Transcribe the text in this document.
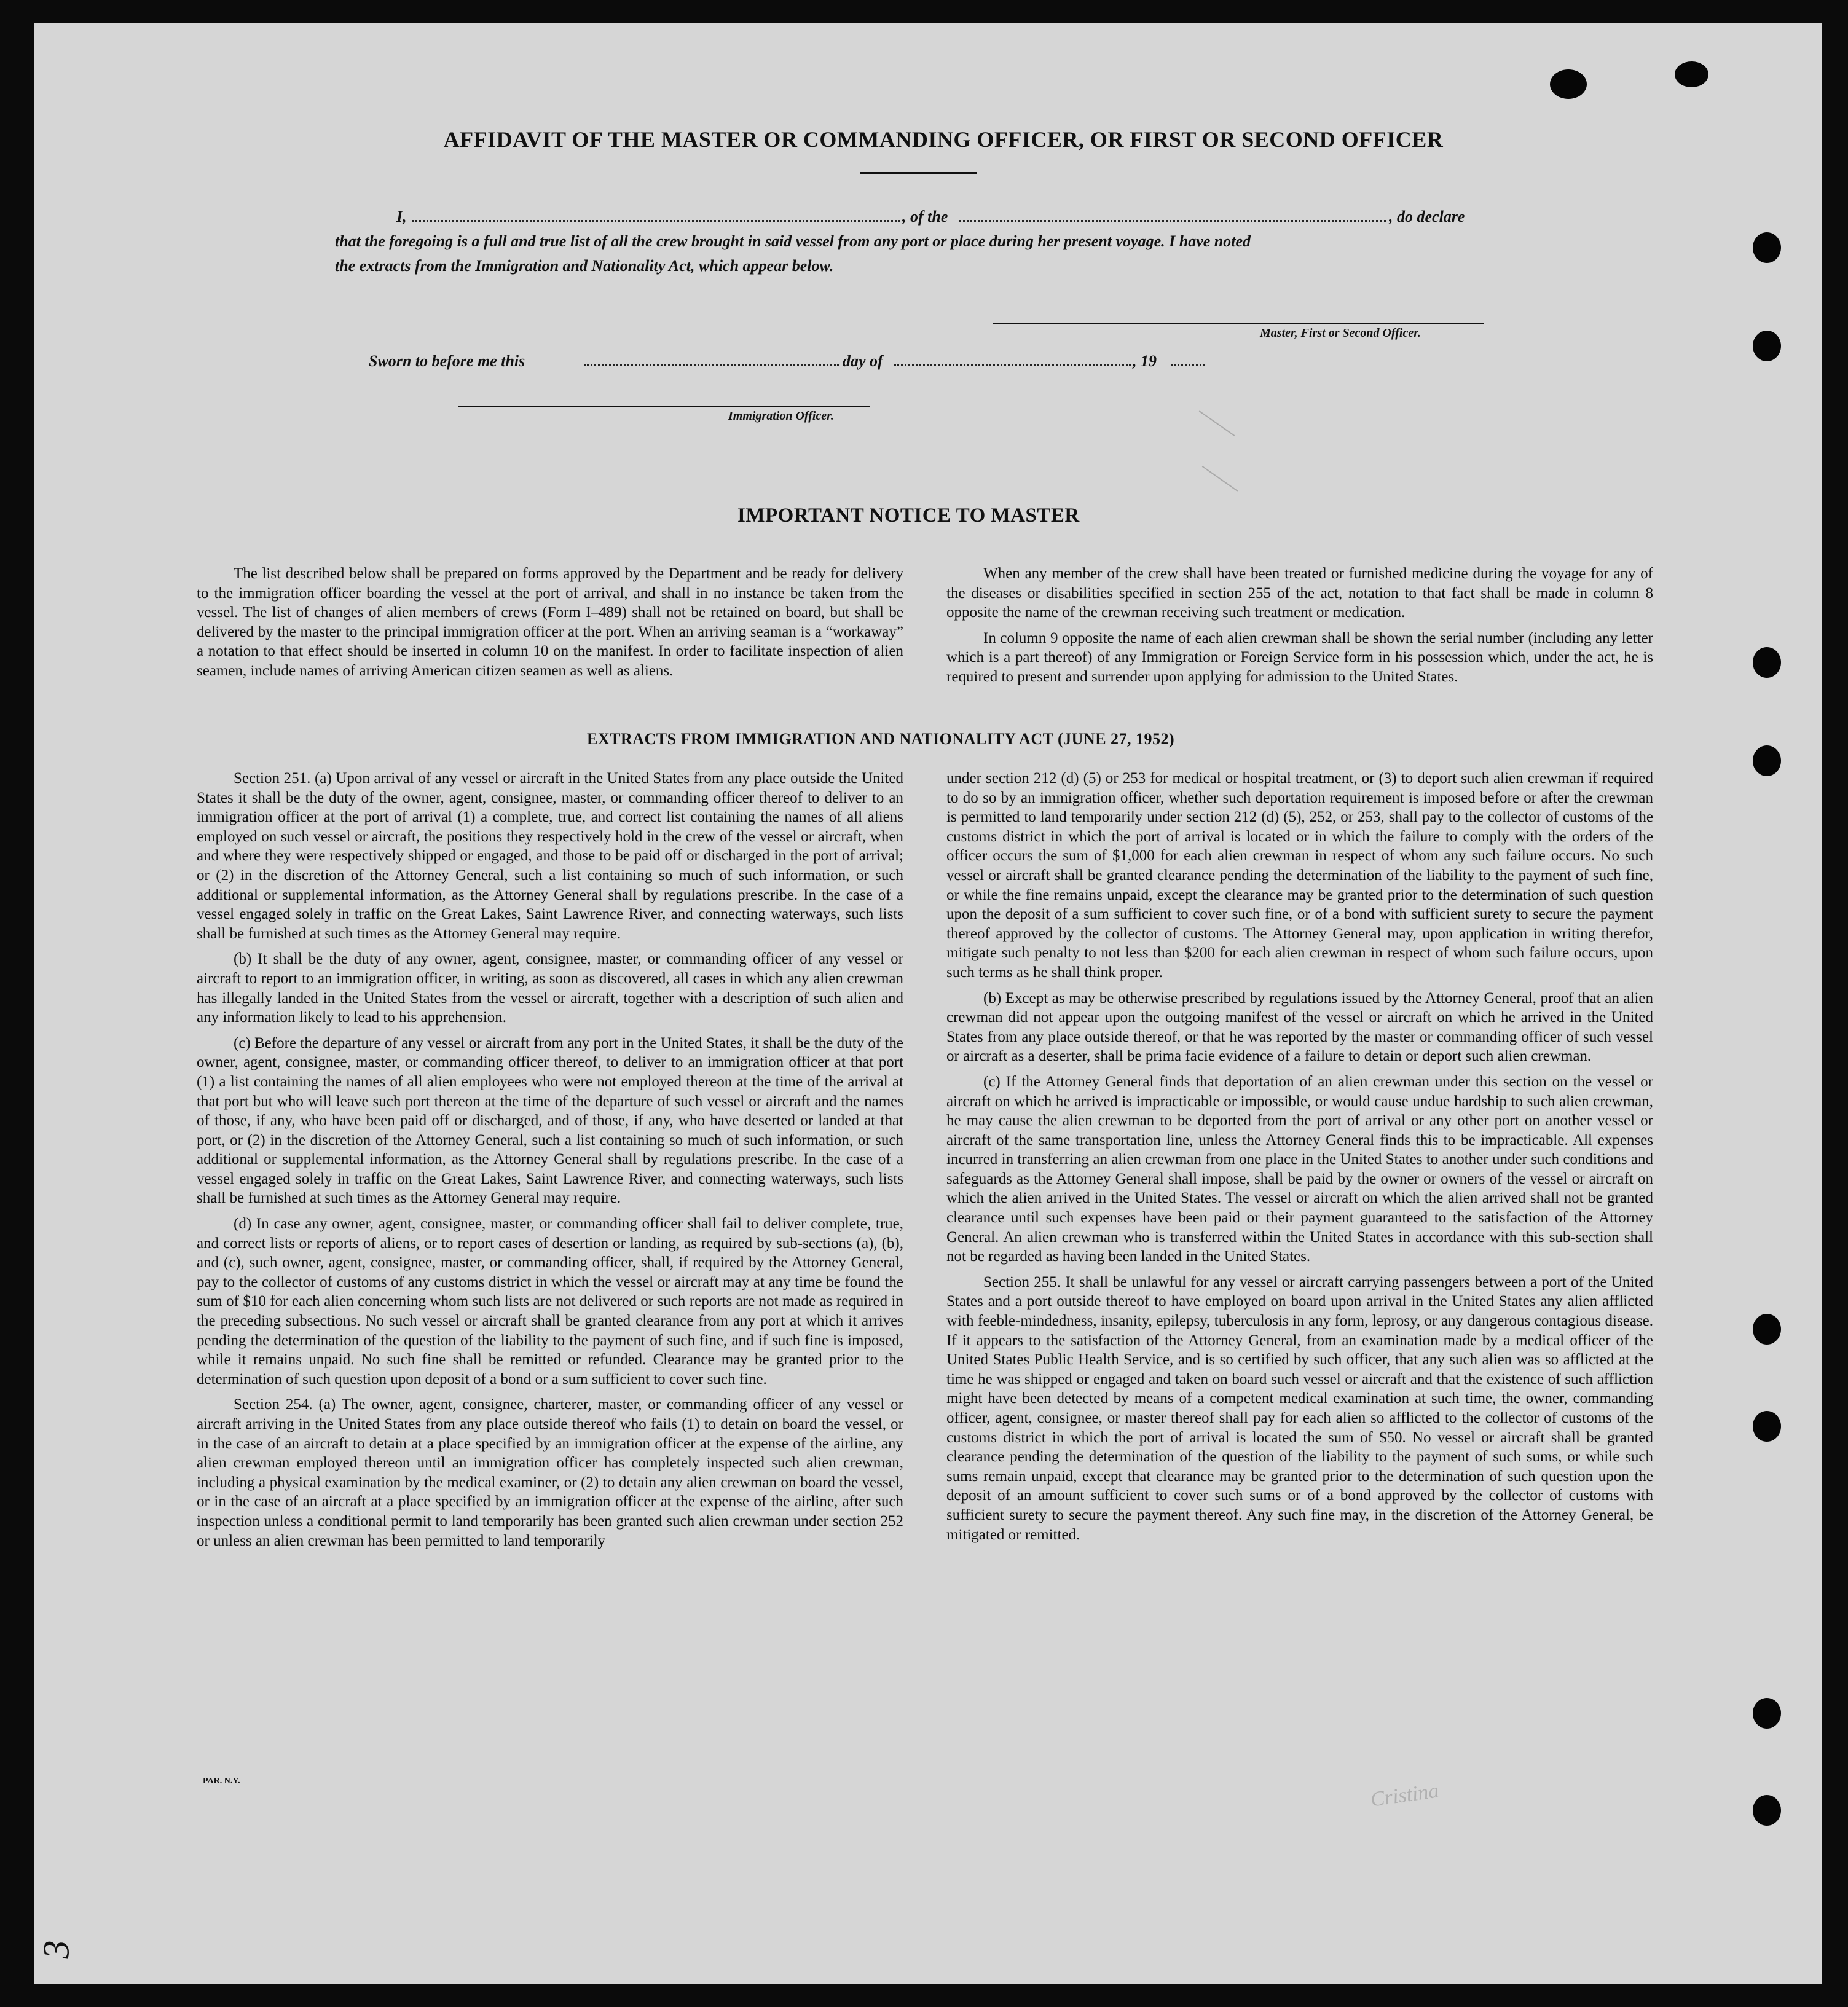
AFFIDAVIT OF THE MASTER OR COMMANDING OFFICER, OR FIRST OR SECOND OFFICER
I,	, of the	, do declare
that the foregoing is a full and true list of all the crew brought in said vessel from any port or place during her present voyage. I have noted
the extracts from the Immigration and Nationality Act, which appear below.
Master, First or Second Officer.
Sworn to before me this	day of	, 19
Immigration Officer.
IMPORTANT NOTICE TO MASTER

The list described below shall be prepared on forms approved by the Department and be ready for delivery to the immigration officer boarding the vessel at the port of arrival, and shall in no instance be taken from the vessel. The list of changes of alien members of crews (Form I–489) shall not be retained on board, but shall be delivered by the master to the principal immigration officer at the port. When an arriving seaman is a “workaway” a notation to that effect should be inserted in column 10 on the manifest. In order to facilitate inspection of alien seamen, include names of arriving American citizen seamen as well as aliens.

When any member of the crew shall have been treated or furnished medicine during the voyage for any of the diseases or disabilities specified in section 255 of the act, notation to that fact shall be made in column 8 opposite the name of the crewman receiving such treatment or medication.

In column 9 opposite the name of each alien crewman shall be shown the serial number (including any letter which is a part thereof) of any Immigration or Foreign Service form in his possession which, under the act, he is required to present and surrender upon applying for admission to the United States.

EXTRACTS FROM IMMIGRATION AND NATIONALITY ACT (JUNE 27, 1952)

Section 251. (a) Upon arrival of any vessel or aircraft in the United States from any place outside the United States it shall be the duty of the owner, agent, consignee, master, or commanding officer thereof to deliver to an immigration officer at the port of arrival (1) a complete, true, and correct list containing the names of all aliens employed on such vessel or aircraft, the positions they respectively hold in the crew of the vessel or aircraft, when and where they were respectively shipped or engaged, and those to be paid off or discharged in the port of arrival; or (2) in the discretion of the Attorney General, such a list containing so much of such information, or such additional or supplemental information, as the Attorney General shall by regulations prescribe. In the case of a vessel engaged solely in traffic on the Great Lakes, Saint Lawrence River, and connecting waterways, such lists shall be furnished at such times as the Attorney General may require.

(b) It shall be the duty of any owner, agent, consignee, master, or commanding officer of any vessel or aircraft to report to an immigration officer, in writing, as soon as discovered, all cases in which any alien crewman has illegally landed in the United States from the vessel or aircraft, together with a description of such alien and any information likely to lead to his apprehension.

(c) Before the departure of any vessel or aircraft from any port in the United States, it shall be the duty of the owner, agent, consignee, master, or commanding officer thereof, to deliver to an immigration officer at that port (1) a list containing the names of all alien employees who were not employed thereon at the time of the arrival at that port but who will leave such port thereon at the time of the departure of such vessel or aircraft and the names of those, if any, who have been paid off or discharged, and of those, if any, who have deserted or landed at that port, or (2) in the discretion of the Attorney General, such a list containing so much of such information, or such additional or supplemental information, as the Attorney General shall by regulations prescribe. In the case of a vessel engaged solely in traffic on the Great Lakes, Saint Lawrence River, and connecting waterways, such lists shall be furnished at such times as the Attorney General may require.

(d) In case any owner, agent, consignee, master, or commanding officer shall fail to deliver complete, true, and correct lists or reports of aliens, or to report cases of desertion or landing, as required by sub-sections (a), (b), and (c), such owner, agent, consignee, master, or commanding officer, shall, if required by the Attorney General, pay to the collector of customs of any customs district in which the vessel or aircraft may at any time be found the sum of $10 for each alien concerning whom such lists are not delivered or such reports are not made as required in the preceding subsections. No such vessel or aircraft shall be granted clearance from any port at which it arrives pending the determination of the question of the liability to the payment of such fine, and if such fine is imposed, while it remains unpaid. No such fine shall be remitted or refunded. Clearance may be granted prior to the determination of such question upon deposit of a bond or a sum sufficient to cover such fine.

Section 254. (a) The owner, agent, consignee, charterer, master, or commanding officer of any vessel or aircraft arriving in the United States from any place outside thereof who fails (1) to detain on board the vessel, or in the case of an aircraft to detain at a place specified by an immigration officer at the expense of the airline, any alien crewman employed thereon until an immigration officer has completely inspected such alien crewman, including a physical examination by the medical examiner, or (2) to detain any alien crewman on board the vessel, or in the case of an aircraft at a place specified by an immigration officer at the expense of the airline, after such inspection unless a conditional permit to land temporarily has been granted such alien crewman under section 252 or unless an alien crewman has been permitted to land temporarily

under section 212 (d) (5) or 253 for medical or hospital treatment, or (3) to deport such alien crewman if required to do so by an immigration officer, whether such deportation requirement is imposed before or after the crewman is permitted to land temporarily under section 212 (d) (5), 252, or 253, shall pay to the collector of customs of the customs district in which the port of arrival is located or in which the failure to comply with the orders of the officer occurs the sum of $1,000 for each alien crewman in respect of whom any such failure occurs. No such vessel or aircraft shall be granted clearance pending the determination of the liability to the payment of such fine, or while the fine remains unpaid, except the clearance may be granted prior to the determination of such question upon the deposit of a sum sufficient to cover such fine, or of a bond with sufficient surety to secure the payment thereof approved by the collector of customs. The Attorney General may, upon application in writing therefor, mitigate such penalty to not less than $200 for each alien crewman in respect of whom such failure occurs, upon such terms as he shall think proper.

(b) Except as may be otherwise prescribed by regulations issued by the Attorney General, proof that an alien crewman did not appear upon the outgoing manifest of the vessel or aircraft on which he arrived in the United States from any place outside thereof, or that he was reported by the master or commanding officer of such vessel or aircraft as a deserter, shall be prima facie evidence of a failure to detain or deport such alien crewman.

(c) If the Attorney General finds that deportation of an alien crewman under this section on the vessel or aircraft on which he arrived is impracticable or impossible, or would cause undue hardship to such alien crewman, he may cause the alien crewman to be deported from the port of arrival or any other port on another vessel or aircraft of the same transportation line, unless the Attorney General finds this to be impracticable. All expenses incurred in transferring an alien crewman from one place in the United States to another under such conditions and safeguards as the Attorney General shall impose, shall be paid by the owner or owners of the vessel or aircraft on which the alien arrived in the United States. The vessel or aircraft on which the alien arrived shall not be granted clearance until such expenses have been paid or their payment guaranteed to the satisfaction of the Attorney General. An alien crewman who is transferred within the United States in accordance with this sub-section shall not be regarded as having been landed in the United States.

Section 255. It shall be unlawful for any vessel or aircraft carrying passengers between a port of the United States and a port outside thereof to have employed on board upon arrival in the United States any alien afflicted with feeble-mindedness, insanity, epilepsy, tuberculosis in any form, leprosy, or any dangerous contagious disease. If it appears to the satisfaction of the Attorney General, from an examination made by a medical officer of the United States Public Health Service, and is so certified by such officer, that any such alien was so afflicted at the time he was shipped or engaged and taken on board such vessel or aircraft and that the existence of such affliction might have been detected by means of a competent medical examination at such time, the owner, commanding officer, agent, consignee, or master thereof shall pay for each alien so afflicted to the collector of customs of the customs district in which the port of arrival is located the sum of $50. No vessel or aircraft shall be granted clearance pending the determination of the question of the liability to the payment of such sums, or while such sums remain unpaid, except that clearance may be granted prior to the determination of such question upon the deposit of an amount sufficient to cover such sums or of a bond approved by the collector of customs with sufficient surety to secure the payment thereof. Any such fine may, in the discretion of the Attorney General, be mitigated or remitted.

PAR. N.Y.	Cristina
3
